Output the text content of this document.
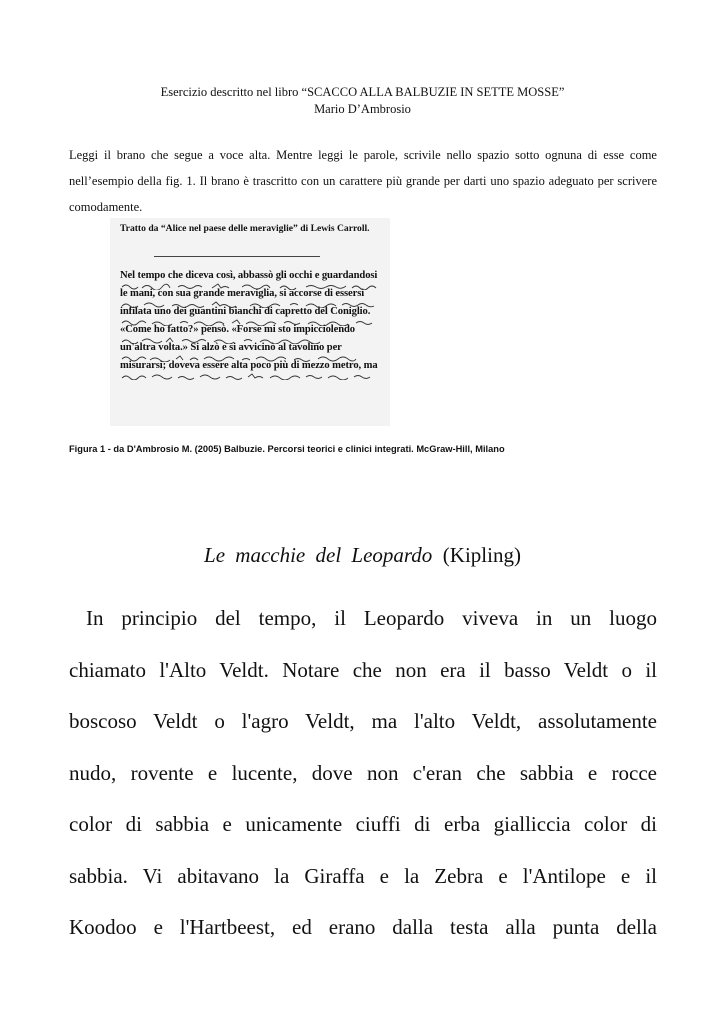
Esercizio descritto nel libro “SCACCO ALLA BALBUZIE IN SETTE MOSSE”
Mario D’Ambrosio
Leggi il brano che segue a voce alta. Mentre leggi le parole, scrivile nello spazio sotto ognuna di esse come nell’esempio della fig. 1. Il brano è trascritto con un carattere più grande per darti uno spazio adeguato per scrivere comodamente.
Tratto da “Alice nel paese delle meraviglie” di Lewis Carroll.
Nel tempo che diceva così, abbassò gli occhi e guardandosi
le mani, con sua grande meraviglia, si accorse di essersi
infilata uno dei guantini bianchi di capretto del Coniglio.
«Come ho fatto?» pensò. «Forse mi sto impicciolendo
un'altra volta.» Si alzò e si avvicinò al tavolino per
misurarsi; doveva essere alta poco più di mezzo metro, ma
Figura 1 - da D'Ambrosio M. (2005) Balbuzie. Percorsi teorici e clinici integrati. McGraw-Hill, Milano
Le macchie del Leopardo (Kipling)
In principio del tempo, il Leopardo viveva in un luogo
chiamato l'Alto Veldt. Notare che non era il basso Veldt o il
boscoso Veldt o l'agro Veldt, ma l'alto Veldt, assolutamente
nudo, rovente e lucente, dove non c'eran che sabbia e rocce
color di sabbia e unicamente ciuffi di erba gialliccia color di
sabbia. Vi abitavano la Giraffa e la Zebra e l'Antilope e il
Koodoo e l'Hartbeest, ed erano dalla testa alla punta della
